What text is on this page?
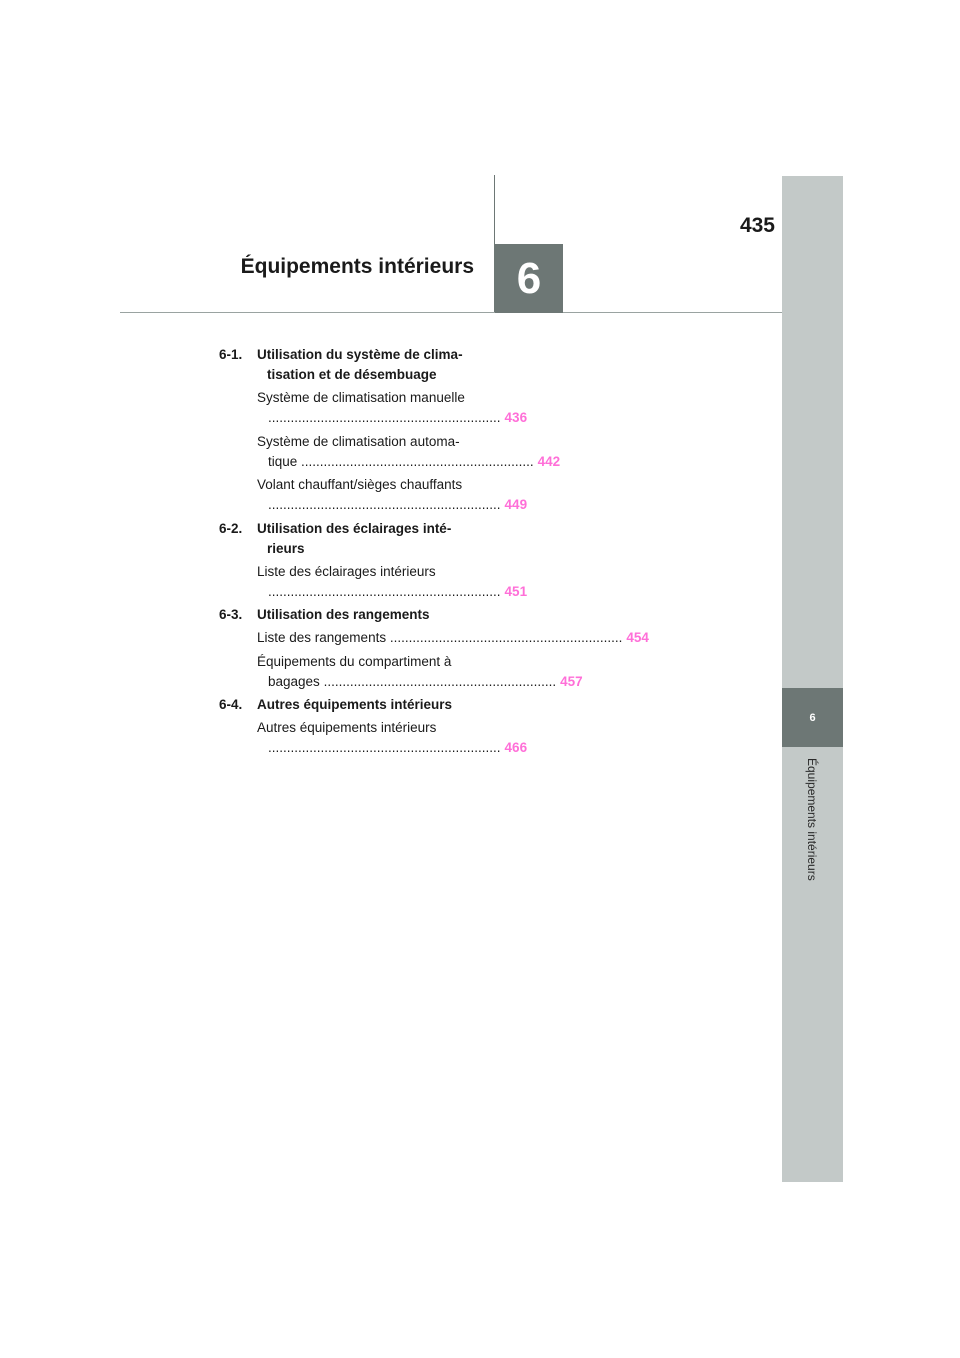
435
Équipements intérieurs 6
6
Équipements intérieurs
6-1. Utilisation du système de clima-
tisation et de désembuage
Système de climatisation manuelle
.............................................................. 436
Système de climatisation automa-
tique .............................................................. 442
Volant chauffant/sièges chauffants
.............................................................. 449
6-2. Utilisation des éclairages inté-
rieurs
Liste des éclairages intérieurs
.............................................................. 451
6-3. Utilisation des rangements
Liste des rangements .............................................................. 454
Équipements du compartiment à
bagages .............................................................. 457
6-4. Autres équipements intérieurs
Autres équipements intérieurs
.............................................................. 466
